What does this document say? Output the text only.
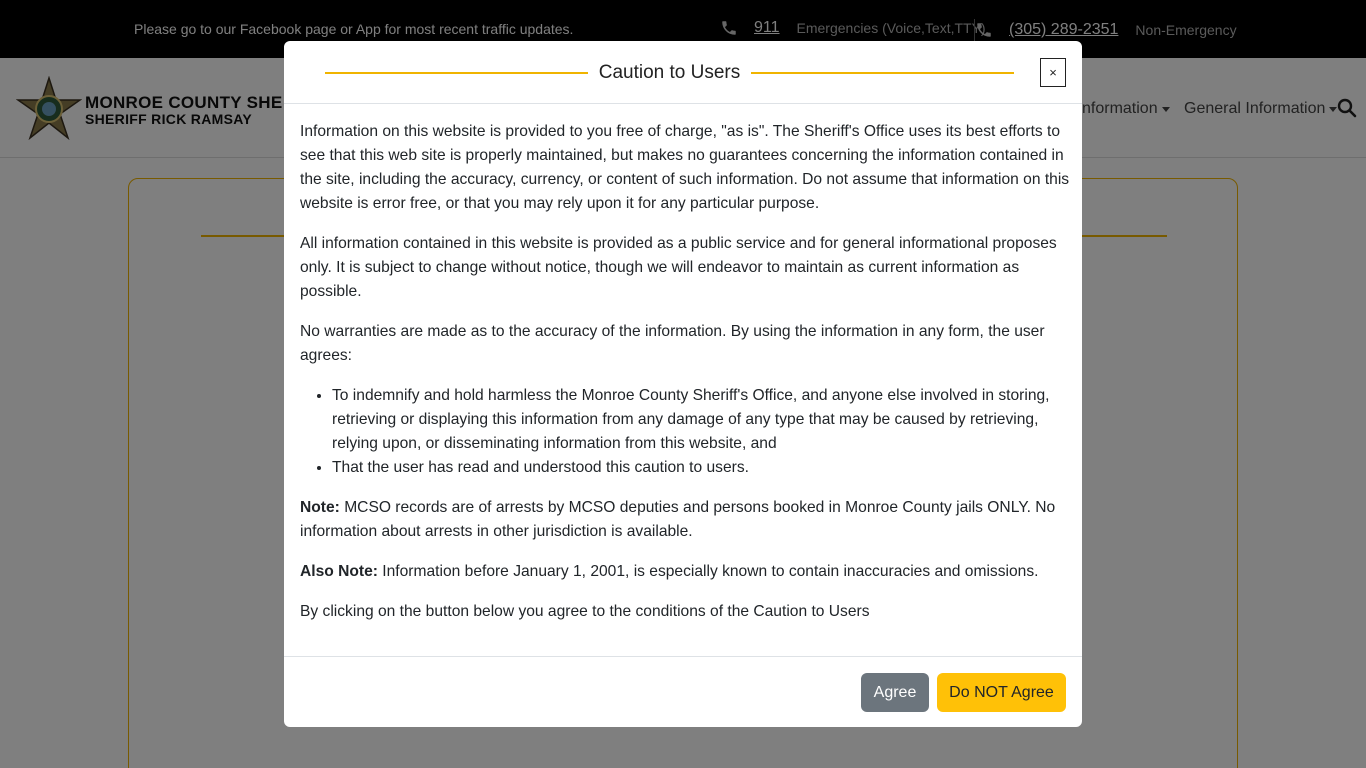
Caution to Users	×

Information on this website is provided to you free of charge, "as is". The Sheriff's Office uses its best efforts to see that this web site is properly maintained, but makes no guarantees concerning the information contained in the site, including the accuracy, currency, or content of such information. Do not assume that information on this website is error free, or that you may rely upon it for any particular purpose.

All information contained in this website is provided as a public service and for general informational proposes only. It is subject to change without notice, though we will endeavor to maintain as current information as possible.

No warranties are made as to the accuracy of the information. By using the information in any form, the user agrees:

• To indemnify and hold harmless the Monroe County Sheriff's Office, and anyone else involved in storing, retrieving or displaying this information from any damage of any type that may be caused by retrieving, relying upon, or disseminating information from this website, and
• That the user has read and understood this caution to users.

Note: MCSO records are of arrests by MCSO deputies and persons booked in Monroe County jails ONLY. No information about arrests in other jurisdiction is available.

Also Note: Information before January 1, 2001, is especially known to contain inaccuracies and omissions.

By clicking on the button below you agree to the conditions of the Caution to Users

Agree	Do NOT Agree
